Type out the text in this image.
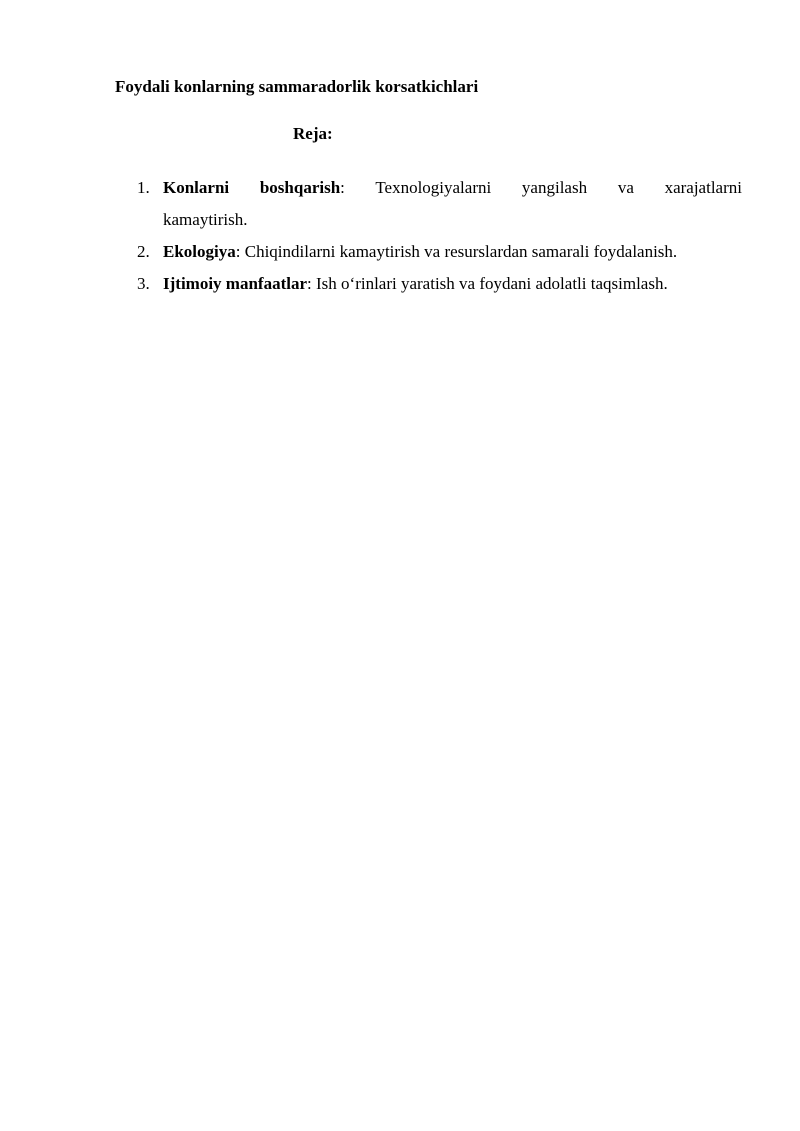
Foydali konlarning sammaradorlik korsatkichlari

Reja:

1. Konlarni boshqarish: Texnologiyalarni yangilash va xarajatlarni
kamaytirish.
2. Ekologiya: Chiqindilarni kamaytirish va resurslardan samarali foydalanish.
3. Ijtimoiy manfaatlar: Ish o‘rinlari yaratish va foydani adolatli taqsimlash.
